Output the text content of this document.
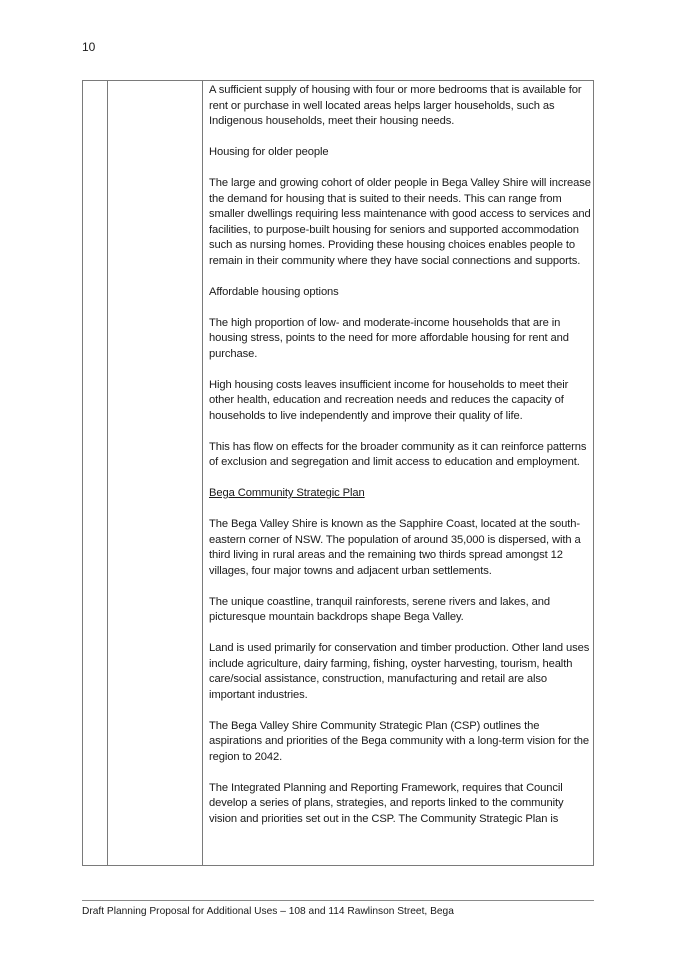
10

A sufficient supply of housing with four or more bedrooms that is available for rent or purchase in well located areas helps larger households, such as Indigenous households, meet their housing needs.

Housing for older people

The large and growing cohort of older people in Bega Valley Shire will increase the demand for housing that is suited to their needs. This can range from smaller dwellings requiring less maintenance with good access to services and facilities, to purpose-built housing for seniors and supported accommodation such as nursing homes. Providing these housing choices enables people to remain in their community where they have social connections and supports.

Affordable housing options

The high proportion of low- and moderate-income households that are in housing stress, points to the need for more affordable housing for rent and purchase.

High housing costs leaves insufficient income for households to meet their other health, education and recreation needs and reduces the capacity of households to live independently and improve their quality of life.

This has flow on effects for the broader community as it can reinforce patterns of exclusion and segregation and limit access to education and employment.

Bega Community Strategic Plan

The Bega Valley Shire is known as the Sapphire Coast, located at the south-eastern corner of NSW. The population of around 35,000 is dispersed, with a third living in rural areas and the remaining two thirds spread amongst 12 villages, four major towns and adjacent urban settlements.

The unique coastline, tranquil rainforests, serene rivers and lakes, and picturesque mountain backdrops shape Bega Valley.

Land is used primarily for conservation and timber production. Other land uses include agriculture, dairy farming, fishing, oyster harvesting, tourism, health care/social assistance, construction, manufacturing and retail are also important industries.

The Bega Valley Shire Community Strategic Plan (CSP) outlines the aspirations and priorities of the Bega community with a long-term vision for the region to 2042.

The Integrated Planning and Reporting Framework, requires that Council develop a series of plans, strategies, and reports linked to the community vision and priorities set out in the CSP. The Community Strategic Plan is

Draft Planning Proposal for Additional Uses – 108 and 114 Rawlinson Street, Bega
